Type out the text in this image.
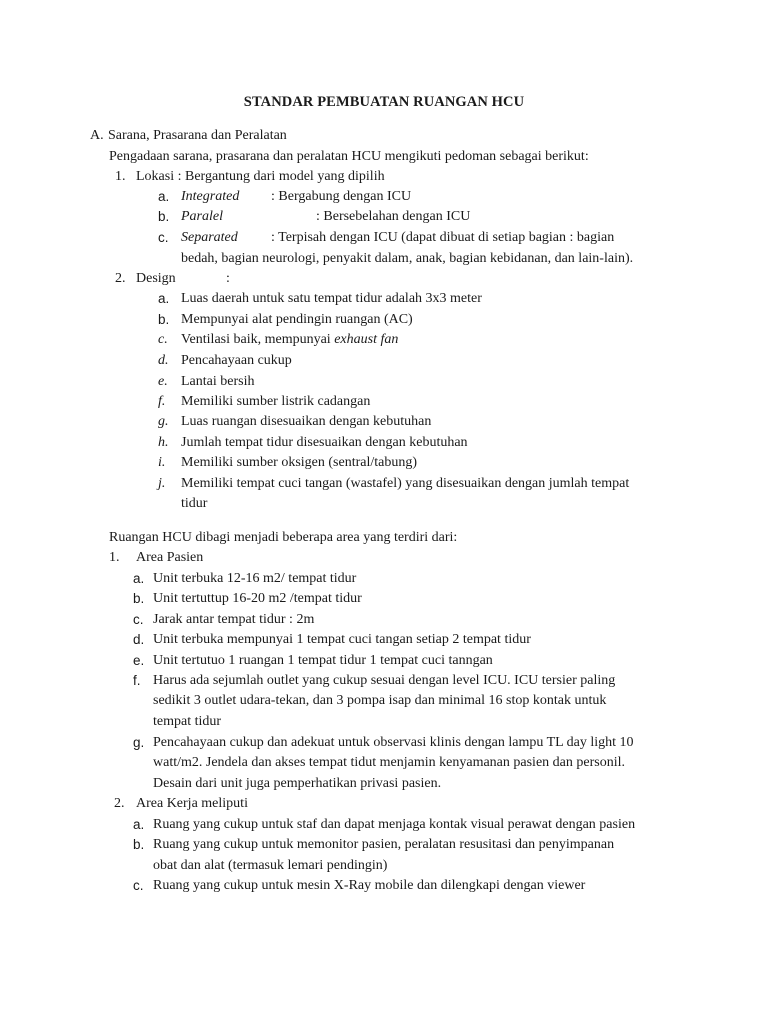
STANDAR PEMBUATAN RUANGAN HCU
A. Sarana, Prasarana dan Peralatan
Pengadaan sarana, prasarana dan peralatan HCU mengikuti pedoman sebagai berikut:
1. Lokasi : Bergantung dari model yang dipilih
a. Integrated : Bergabung dengan ICU
b. Paralel	: Bersebelahan dengan ICU
c. Separated : Terpisah dengan ICU (dapat dibuat di setiap bagian : bagian
bedah, bagian neurologi, penyakit dalam, anak, bagian kebidanan, dan lain-lain).
2. Design	:
a. Luas daerah untuk satu tempat tidur adalah 3x3 meter
b. Mempunyai alat pendingin ruangan (AC)
c. Ventilasi baik, mempunyai exhaust fan
d. Pencahayaan cukup
e. Lantai bersih
f. Memiliki sumber listrik cadangan
g. Luas ruangan disesuaikan dengan kebutuhan
h. Jumlah tempat tidur disesuaikan dengan kebutuhan
i. Memiliki sumber oksigen (sentral/tabung)
j. Memiliki tempat cuci tangan (wastafel) yang disesuaikan dengan jumlah tempat
tidur
Ruangan HCU dibagi menjadi beberapa area yang terdiri dari:
1. Area Pasien
a. Unit terbuka 12-16 m2/ tempat tidur
b. Unit tertuttup 16-20 m2 /tempat tidur
c. Jarak antar tempat tidur : 2m
d. Unit terbuka mempunyai 1 tempat cuci tangan setiap 2 tempat tidur
e. Unit tertutuo 1 ruangan 1 tempat tidur 1 tempat cuci tanngan
f. Harus ada sejumlah outlet yang cukup sesuai dengan level ICU. ICU tersier paling
sedikit 3 outlet udara-tekan, dan 3 pompa isap dan minimal 16 stop kontak untuk
tempat tidur
g. Pencahayaan cukup dan adekuat untuk observasi klinis dengan lampu TL day light 10
watt/m2. Jendela dan akses tempat tidut menjamin kenyamanan pasien dan personil.
Desain dari unit juga pemperhatikan privasi pasien.
2. Area Kerja meliputi
a. Ruang yang cukup untuk staf dan dapat menjaga kontak visual perawat dengan pasien
b. Ruang yang cukup untuk memonitor pasien, peralatan resusitasi dan penyimpanan
obat dan alat (termasuk lemari pendingin)
c. Ruang yang cukup untuk mesin X-Ray mobile dan dilengkapi dengan viewer
